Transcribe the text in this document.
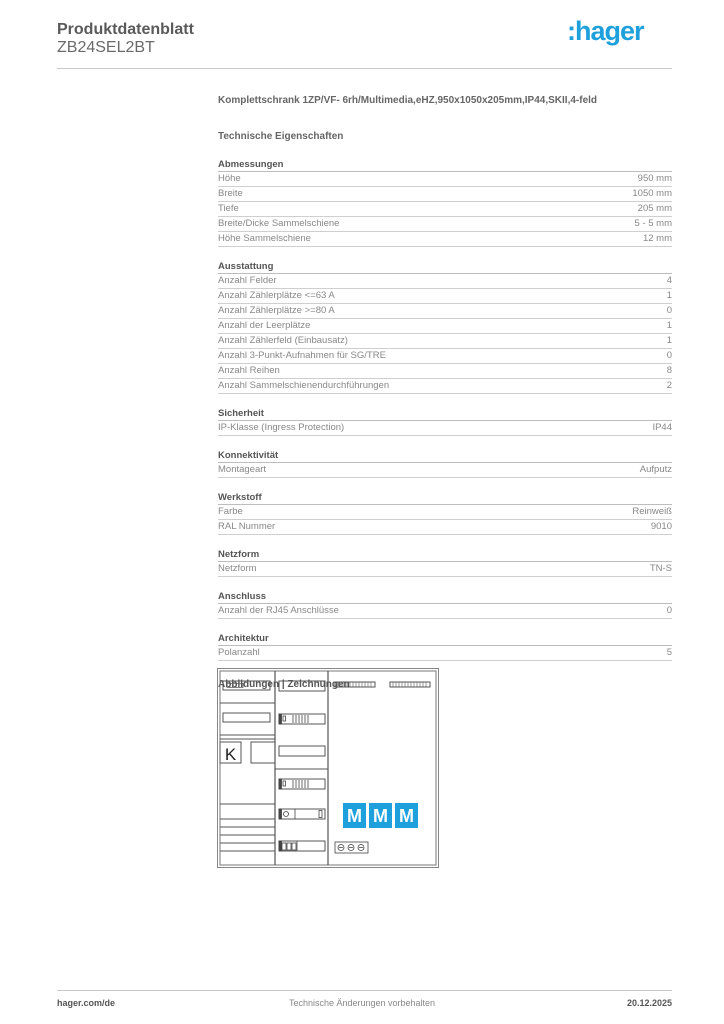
Produktdatenblatt
ZB24SEL2BT
:hager
Komplettschrank 1ZP/VF- 6rh/Multimedia,eHZ,950x1050x205mm,IP44,SKII,4-feld
Technische Eigenschaften
Abmessungen
Höhe	950 mm
Breite	1050 mm
Tiefe	205 mm
Breite/Dicke Sammelschiene	5 - 5 mm
Höhe Sammelschiene	12 mm
Ausstattung
Anzahl Felder	4
Anzahl Zählerplätze <=63 A	1
Anzahl Zählerplätze >=80 A	0
Anzahl der Leerplätze	1
Anzahl Zählerfeld (Einbausatz)	1
Anzahl 3-Punkt-Aufnahmen für SG/TRE	0
Anzahl Reihen	8
Anzahl Sammelschienendurchführungen	2
Sicherheit
IP-Klasse (Ingress Protection)	IP44
Konnektivität
Montageart	Aufputz
Werkstoff
Farbe	Reinweiß
RAL Nummer	9010
Netzform
Netzform	TN-S
Anschluss
Anzahl der RJ45 Anschlüsse	0
Architektur
Polanzahl	5
Abbildungen | Zeichnungen
M M M
K
hager.com/de	Technische Änderungen vorbehalten	20.12.2025
